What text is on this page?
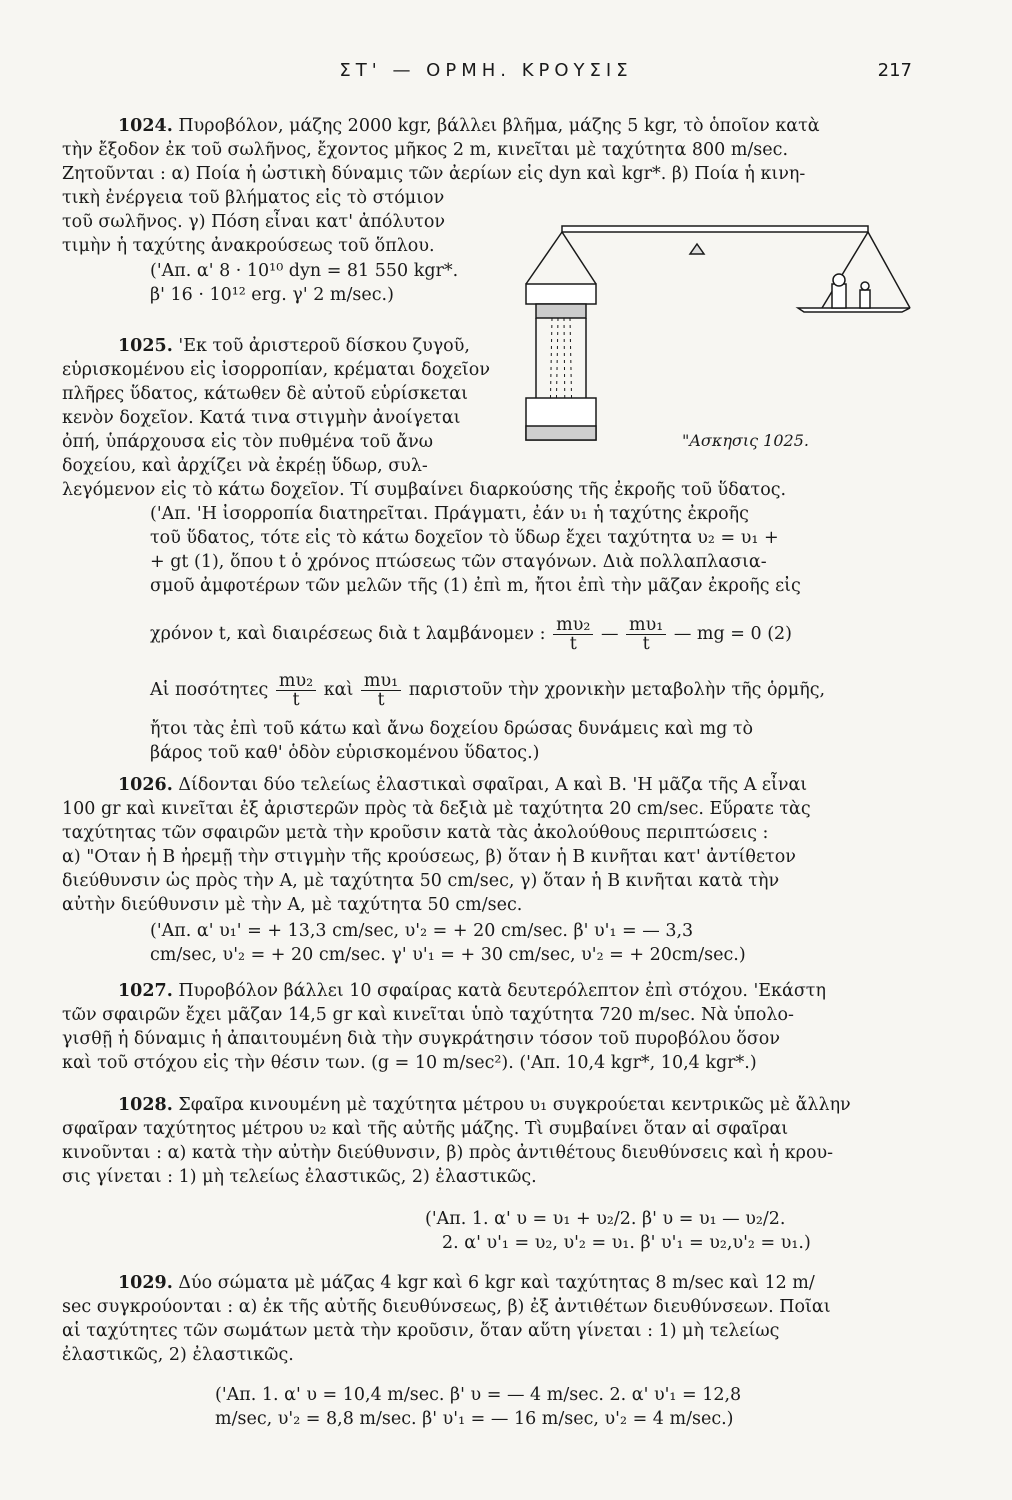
ΣΤ' — ΟΡΜΗ. ΚΡΟΥΣΙΣ	217
1024. Πυροβόλον, μάζης 2000 kgr, βάλλει βλῆμα, μάζης 5 kgr, τὸ ὁποῖον κατὰ
τὴν ἔξοδον ἐκ τοῦ σωλῆνος, ἔχοντος μῆκος 2 m, κινεῖται μὲ ταχύτητα 800 m/sec.
Ζητοῦνται : α) Ποία ἡ ὠστικὴ δύναμις τῶν ἀερίων εἰς dyn καὶ kgr*. β) Ποία ἡ κινη-
τικὴ ἐνέργεια τοῦ βλήματος εἰς τὸ στόμιον
τοῦ σωλῆνος. γ) Πόση εἶναι κατ' ἀπόλυτον
τιμὴν ἡ ταχύτης ἀνακρούσεως τοῦ ὅπλου.
('Απ. α' 8 · 10¹⁰ dyn = 81 550 kgr*.
β' 16 · 10¹² erg. γ' 2 m/sec.)
"Ασκησις 1025.
1025. 'Εκ τοῦ ἀριστεροῦ δίσκου ζυγοῦ,
εὑρισκομένου εἰς ἰσορροπίαν, κρέμαται δοχεῖον
πλῆρες ὕδατος, κάτωθεν δὲ αὐτοῦ εὑρίσκεται
κενὸν δοχεῖον. Κατά τινα στιγμὴν ἀνοίγεται
ὀπή, ὑπάρχουσα εἰς τὸν πυθμένα τοῦ ἄνω
δοχείου, καὶ ἀρχίζει νὰ ἐκρέῃ ὕδωρ, συλ-
λεγόμενον εἰς τὸ κάτω δοχεῖον. Τί συμβαίνει διαρκούσης τῆς ἐκροῆς τοῦ ὕδατος.
('Απ. 'Η ἰσορροπία διατηρεῖται. Πράγματι, ἐάν υ₁ ἡ ταχύτης ἐκροῆς
τοῦ ὕδατος, τότε εἰς τὸ κάτω δοχεῖον τὸ ὕδωρ ἔχει ταχύτητα υ₂ = υ₁ +
+ gt (1), ὅπου t ὁ χρόνος πτώσεως τῶν σταγόνων. Διὰ πολλαπλασια-
σμοῦ ἀμφοτέρων τῶν μελῶν τῆς (1) ἐπὶ m, ἤτοι ἐπὶ τὴν μᾶζαν ἐκροῆς εἰς
χρόνον t, καὶ διαιρέσεως διὰ t λαμβάνομεν : $\frac{\text{mυ₂}}{t}$ — $\frac{\text{mυ₁}}{t}$ — mg = 0 (2)
Αἱ ποσότητες $\frac{\text{mυ₂}}{t}$ καὶ $\frac{\text{mυ₁}}{t}$ παριστοῦν τὴν χρονικὴν μεταβολὴν τῆς ὁρμῆς,
ἤτοι τὰς ἐπὶ τοῦ κάτω καὶ ἄνω δοχείου δρώσας δυνάμεις καὶ mg τὸ
βάρος τοῦ καθ' ὁδὸν εὑρισκομένου ὕδατος.)
1026. Δίδονται δύο τελείως ἐλαστικαὶ σφαῖραι, Α καὶ Β. 'Η μᾶζα τῆς Α εἶναι
100 gr καὶ κινεῖται ἐξ ἀριστερῶν πρὸς τὰ δεξιὰ μὲ ταχύτητα 20 cm/sec. Εὕρατε τὰς
ταχύτητας τῶν σφαιρῶν μετὰ τὴν κροῦσιν κατὰ τὰς ἀκολούθους περιπτώσεις :
α) "Οταν ἡ Β ἠρεμῇ τὴν στιγμὴν τῆς κρούσεως, β) ὅταν ἡ Β κινῆται κατ' ἀντίθετον
διεύθυνσιν ὡς πρὸς τὴν Α, μὲ ταχύτητα 50 cm/sec, γ) ὅταν ἡ Β κινῆται κατὰ τὴν
αὐτὴν διεύθυνσιν μὲ τὴν Α, μὲ ταχύτητα 50 cm/sec.
('Απ. α' υ₁' = + 13,3 cm/sec, υ'₂ = + 20 cm/sec. β' υ'₁ = — 3,3
cm/sec, υ'₂ = + 20 cm/sec. γ' υ'₁ = + 30 cm/sec, υ'₂ = + 20cm/sec.)
1027. Πυροβόλον βάλλει 10 σφαίρας κατὰ δευτερόλεπτον ἐπὶ στόχου. 'Εκάστη
τῶν σφαιρῶν ἔχει μᾶζαν 14,5 gr καὶ κινεῖται ὑπὸ ταχύτητα 720 m/sec. Νὰ ὑπολο-
γισθῇ ἡ δύναμις ἡ ἀπαιτουμένη διὰ τὴν συγκράτησιν τόσον τοῦ πυροβόλου ὅσον
καὶ τοῦ στόχου εἰς τὴν θέσιν των. (g = 10 m/sec²). ('Απ. 10,4 kgr*, 10,4 kgr*.)
1028. Σφαῖρα κινουμένη μὲ ταχύτητα μέτρου υ₁ συγκρούεται κεντρικῶς μὲ ἄλλην
σφαῖραν ταχύτητος μέτρου υ₂ καὶ τῆς αὐτῆς μάζης. Τὶ συμβαίνει ὅταν αἱ σφαῖραι
κινοῦνται : α) κατὰ τὴν αὐτὴν διεύθυνσιν, β) πρὸς ἀντιθέτους διευθύνσεις καὶ ἡ κρου-
σις γίνεται : 1) μὴ τελείως ἐλαστικῶς, 2) ἐλαστικῶς.
('Απ. 1. α' υ = υ₁ + υ₂/2. β' υ = υ₁ — υ₂/2.
2. α' υ'₁ = υ₂, υ'₂ = υ₁. β' υ'₁ = υ₂,υ'₂ = υ₁.)
1029. Δύο σώματα μὲ μάζας 4 kgr καὶ 6 kgr καὶ ταχύτητας 8 m/sec καὶ 12 m/
sec συγκρούονται : α) ἐκ τῆς αὐτῆς διευθύνσεως, β) ἐξ ἀντιθέτων διευθύνσεων. Ποῖαι
αἱ ταχύτητες τῶν σωμάτων μετὰ τὴν κροῦσιν, ὅταν αὕτη γίνεται : 1) μὴ τελείως
ἐλαστικῶς, 2) ἐλαστικῶς.
('Απ. 1. α' υ = 10,4 m/sec. β' υ = — 4 m/sec. 2. α' υ'₁ = 12,8
m/sec, υ'₂ = 8,8 m/sec. β' υ'₁ = — 16 m/sec, υ'₂ = 4 m/sec.)
